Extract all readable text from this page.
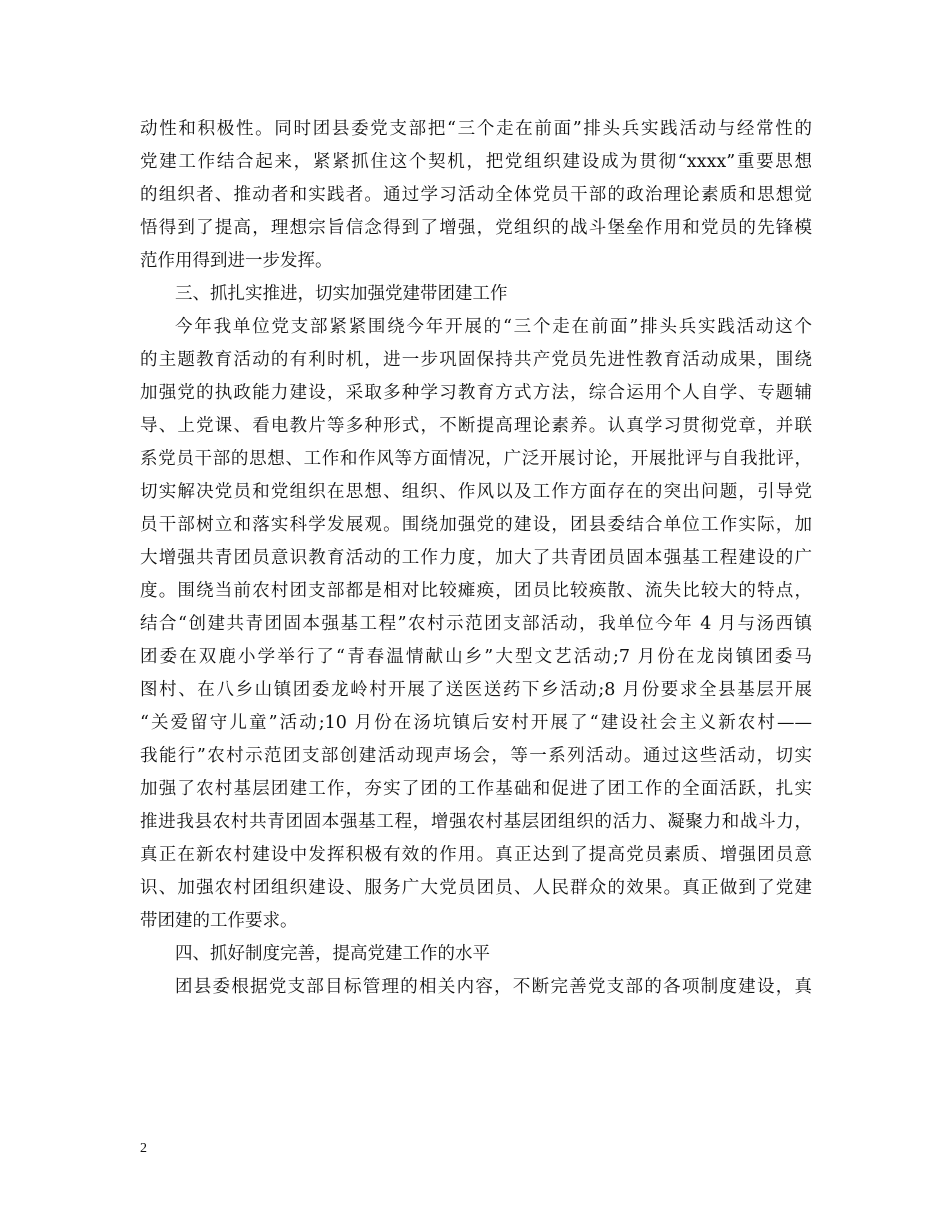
动性和积极性。同时团县委党支部把“三个走在前面”排头兵实践活动与经常性的
党建工作结合起来，紧紧抓住这个契机，把党组织建设成为贯彻“xxxx”重要思想
的组织者、推动者和实践者。通过学习活动全体党员干部的政治理论素质和思想觉
悟得到了提高，理想宗旨信念得到了增强，党组织的战斗堡垒作用和党员的先锋模
范作用得到进一步发挥。
三、抓扎实推进，切实加强党建带团建工作
今年我单位党支部紧紧围绕今年开展的“三个走在前面”排头兵实践活动这个
的主题教育活动的有利时机，进一步巩固保持共产党员先进性教育活动成果，围绕
加强党的执政能力建设，采取多种学习教育方式方法，综合运用个人自学、专题辅
导、上党课、看电教片等多种形式，不断提高理论素养。认真学习贯彻党章，并联
系党员干部的思想、工作和作风等方面情况，广泛开展讨论，开展批评与自我批评，
切实解决党员和党组织在思想、组织、作风以及工作方面存在的突出问题，引导党
员干部树立和落实科学发展观。围绕加强党的建设，团县委结合单位工作实际，加
大增强共青团员意识教育活动的工作力度，加大了共青团员固本强基工程建设的广
度。围绕当前农村团支部都是相对比较瘫痪，团员比较痪散、流失比较大的特点，
结合“创建共青团固本强基工程”农村示范团支部活动，我单位今年 4 月与汤西镇
团委在双鹿小学举行了“青春温情献山乡”大型文艺活动;7 月份在龙岗镇团委马
图村、在八乡山镇团委龙岭村开展了送医送药下乡活动;8 月份要求全县基层开展
“关爱留守儿童”活动;10 月份在汤坑镇后安村开展了“建设社会主义新农村——
我能行”农村示范团支部创建活动现声场会，等一系列活动。通过这些活动，切实
加强了农村基层团建工作，夯实了团的工作基础和促进了团工作的全面活跃，扎实
推进我县农村共青团固本强基工程，增强农村基层团组织的活力、凝聚力和战斗力，
真正在新农村建设中发挥积极有效的作用。真正达到了提高党员素质、增强团员意
识、加强农村团组织建设、服务广大党员团员、人民群众的效果。真正做到了党建
带团建的工作要求。
四、抓好制度完善，提高党建工作的水平
团县委根据党支部目标管理的相关内容，不断完善党支部的各项制度建设，真
2
